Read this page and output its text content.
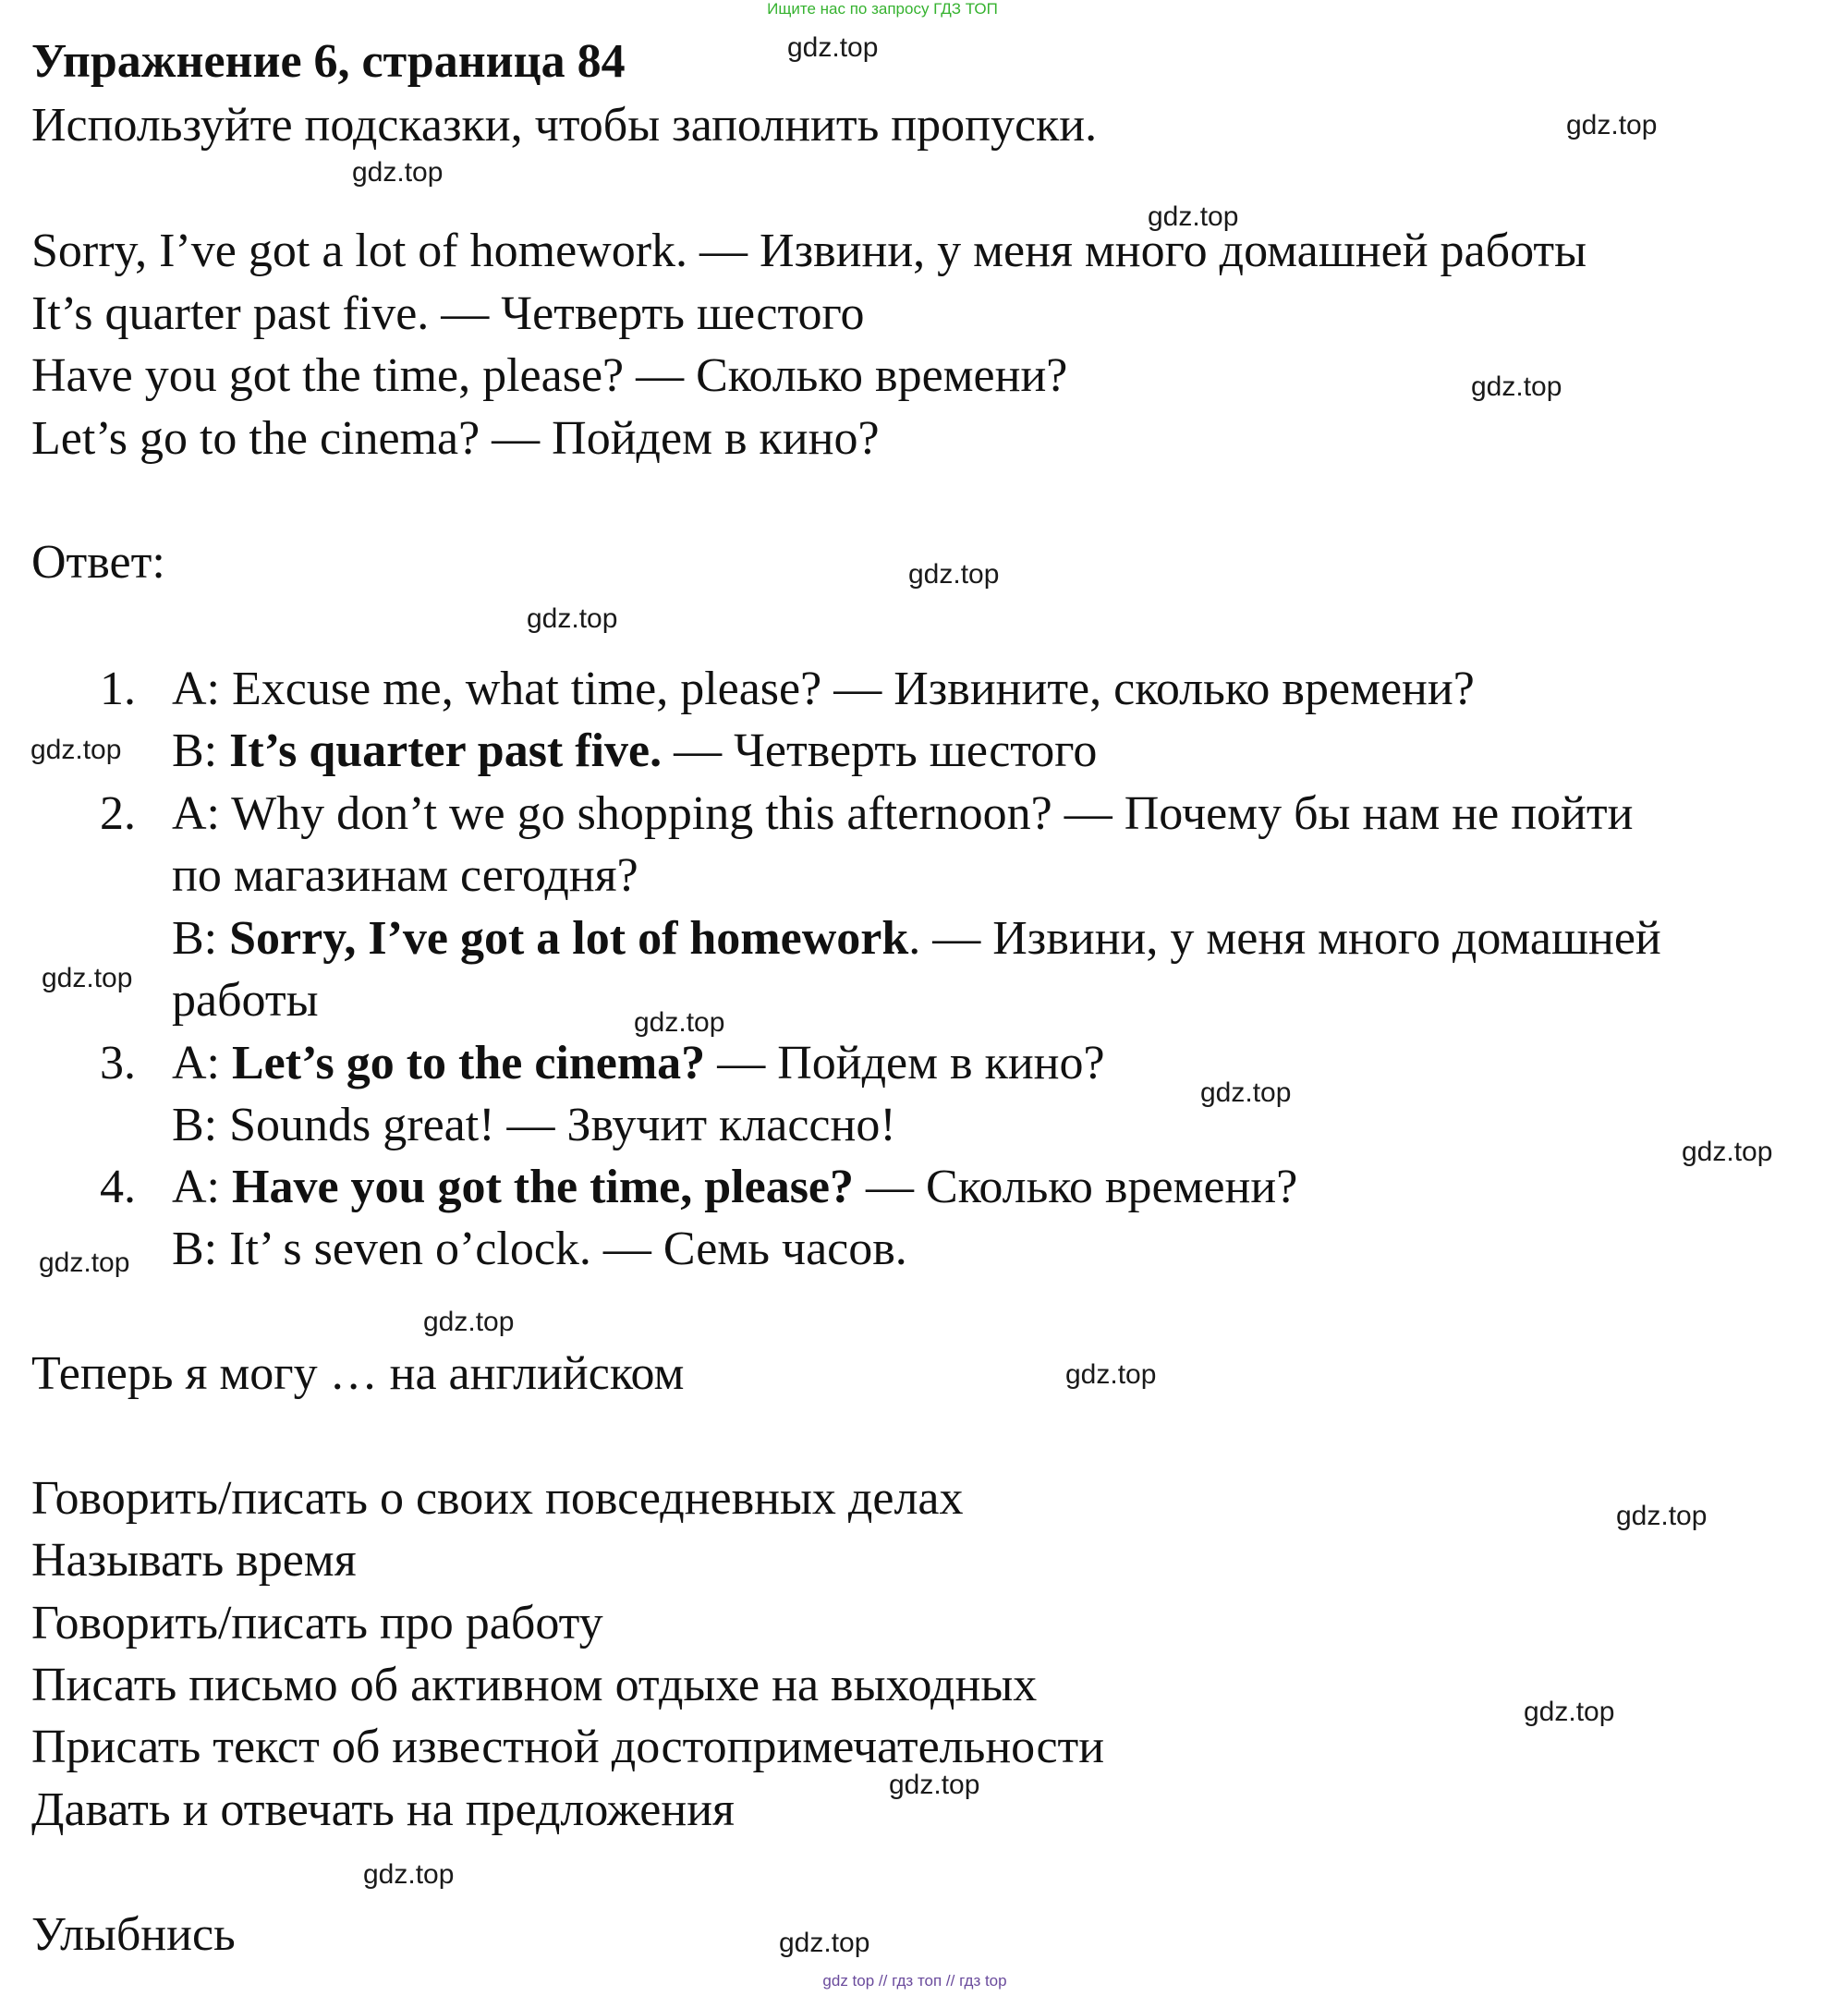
Ищите нас по запросу ГДЗ ТОП
Упражнение 6, страница 84
Используйте подсказки, чтобы заполнить пропуски.
Sorry, I’ve got a lot of homework. — Извини, у меня много домашней работы
It’s quarter past five. — Четверть шестого
Have you got the time, please? — Сколько времени?
Let’s go to the cinema? — Пойдем в кино?
Ответ:
1. A: Excuse me, what time, please? — Извините, сколько времени?
B: It’s quarter past five. — Четверть шестого
2. A: Why don’t we go shopping this afternoon? — Почему бы нам не пойти
по магазинам сегодня?
B: Sorry, I’ve got a lot of homework. — Извини, у меня много домашней
работы
3. A: Let’s go to the cinema? — Пойдем в кино?
B: Sounds great! — Звучит классно!
4. A: Have you got the time, please? — Сколько времени?
B: It’ s seven o’clock. — Семь часов.
Теперь я могу … на английском
Говорить/писать о своих повседневных делах
Называть время
Говорить/писать про работу
Писать письмо об активном отдыхе на выходных
Присать текст об известной достопримечательности
Давать и отвечать на предложения
Улыбнись
gdz.top
gdz.top
gdz.top
gdz.top
gdz.top
gdz.top
gdz.top
gdz.top
gdz.top
gdz.top
gdz.top
gdz.top
gdz.top
gdz.top
gdz.top
gdz.top
gdz.top
gdz.top
gdz.top
gdz.top
gdz top // гдз топ // гдз top
